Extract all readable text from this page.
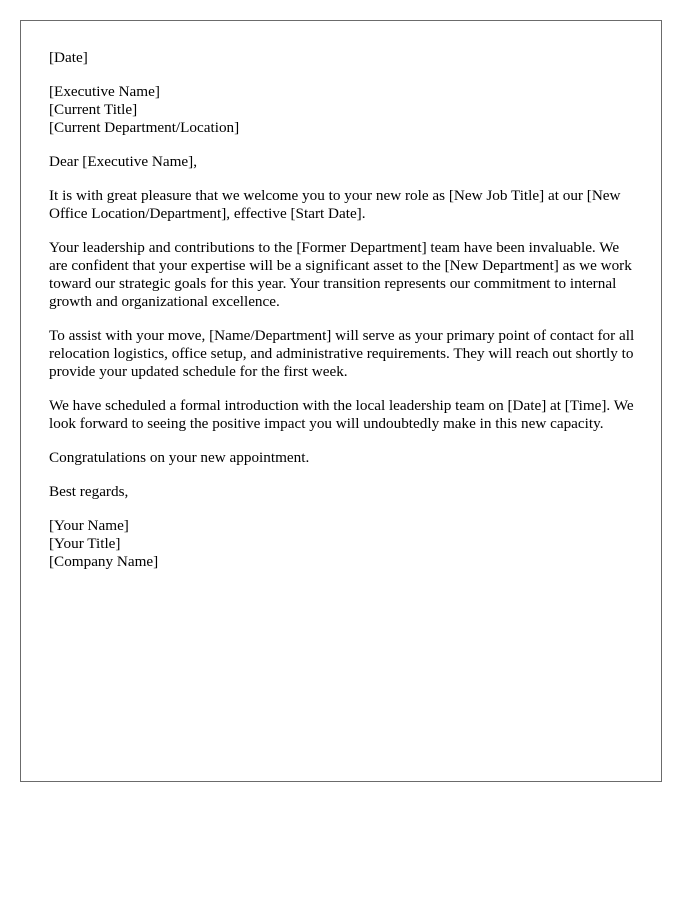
[Date]
[Executive Name]
[Current Title]
[Current Department/Location]
Dear [Executive Name],

It is with great pleasure that we welcome you to your new role as [New Job Title] at our [New Office Location/Department], effective [Start Date].

Your leadership and contributions to the [Former Department] team have been invaluable. We are confident that your expertise will be a significant asset to the [New Department] as we work toward our strategic goals for this year. Your transition represents our commitment to internal growth and organizational excellence.

To assist with your move, [Name/Department] will serve as your primary point of contact for all relocation logistics, office setup, and administrative requirements. They will reach out shortly to provide your updated schedule for the first week.

We have scheduled a formal introduction with the local leadership team on [Date] at [Time]. We look forward to seeing the positive impact you will undoubtedly make in this new capacity.

Congratulations on your new appointment.

Best regards,
[Your Name]
[Your Title]
[Company Name]
